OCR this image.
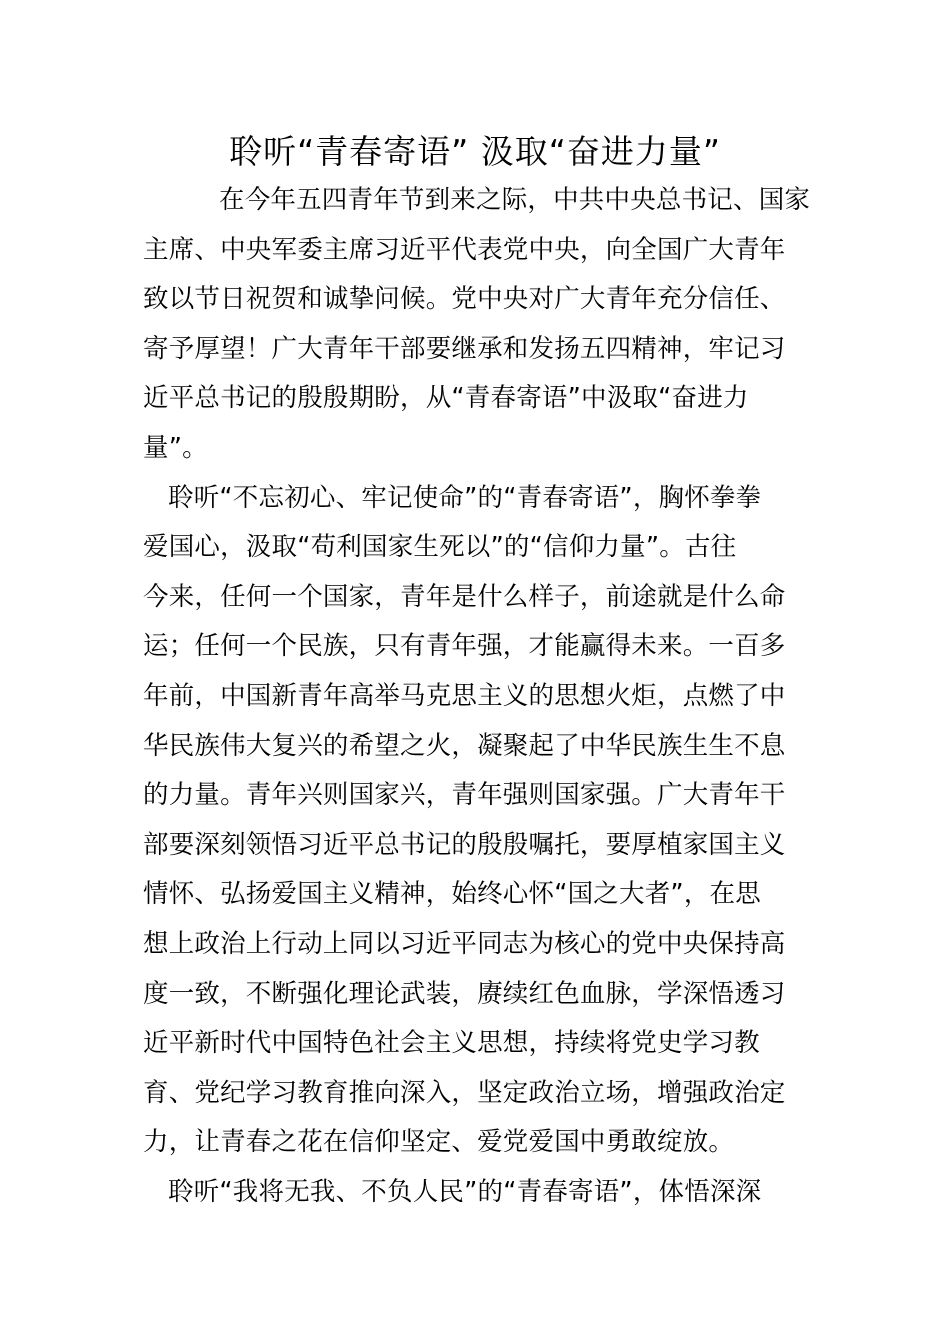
聆听“青春寄语” 汲取“奋进力量”
在今年五四青年节到来之际，中共中央总书记、国家
主席、中央军委主席习近平代表党中央，向全国广大青年
致以节日祝贺和诚挚问候。党中央对广大青年充分信任、
寄予厚望！广大青年干部要继承和发扬五四精神，牢记习
近平总书记的殷殷期盼，从“青春寄语”中汲取“奋进力
量”。
聆听“不忘初心、牢记使命”的“青春寄语”，胸怀拳拳
爱国心，汲取“苟利国家生死以”的“信仰力量”。古往
今来，任何一个国家，青年是什么样子，前途就是什么命
运；任何一个民族，只有青年强，才能赢得未来。一百多
年前，中国新青年高举马克思主义的思想火炬，点燃了中
华民族伟大复兴的希望之火，凝聚起了中华民族生生不息
的力量。青年兴则国家兴，青年强则国家强。广大青年干
部要深刻领悟习近平总书记的殷殷嘱托，要厚植家国主义
情怀、弘扬爱国主义精神，始终心怀“国之大者”，在思
想上政治上行动上同以习近平同志为核心的党中央保持高
度一致，不断强化理论武装，赓续红色血脉，学深悟透习
近平新时代中国特色社会主义思想，持续将党史学习教
育、党纪学习教育推向深入，坚定政治立场，增强政治定
力，让青春之花在信仰坚定、爱党爱国中勇敢绽放。
聆听“我将无我、不负人民”的“青春寄语”，体悟深深
